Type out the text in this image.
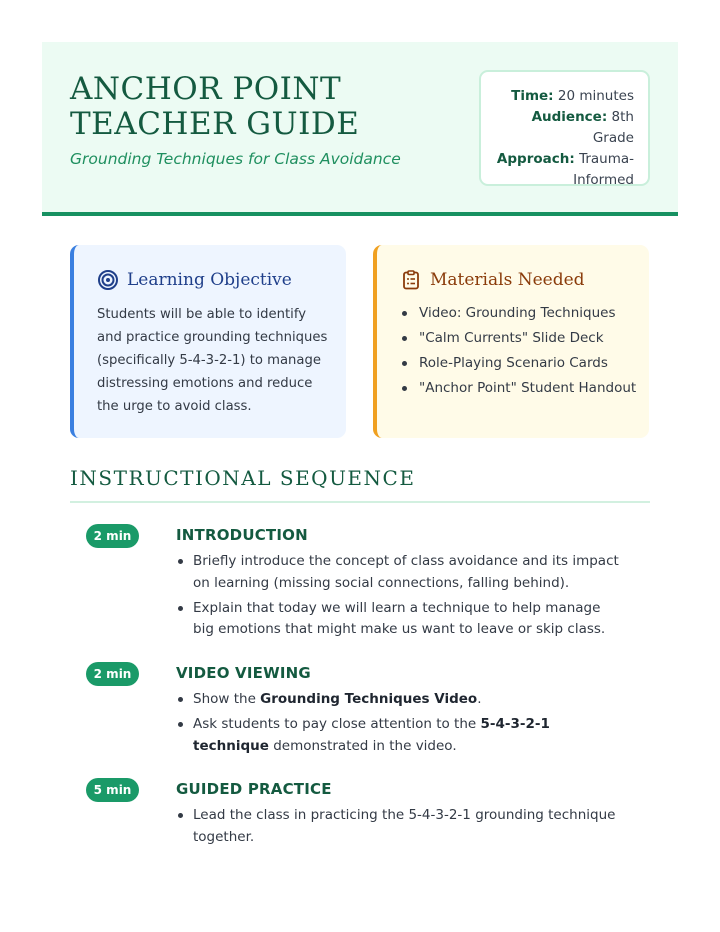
ANCHOR POINT
TEACHER GUIDE
Grounding Techniques for Class Avoidance
Time: 20 minutes
Audience: 8th Grade
Approach: Trauma-
Informed
Learning Objective

Students will be able to identify and practice grounding techniques (specifically 5-4-3-2-1) to manage distressing emotions and reduce the urge to avoid class.

Materials Needed
Video: Grounding Techniques
"Calm Currents" Slide Deck
Role-Playing Scenario Cards
"Anchor Point" Student Handout
INSTRUCTIONAL SEQUENCE
2 min	INTRODUCTION
Briefly introduce the concept of class avoidance and its impact on learning (missing social connections, falling behind).
Explain that today we will learn a technique to help manage big emotions that might make us want to leave or skip class.
2 min	VIDEO VIEWING
Show the Grounding Techniques Video.
Ask students to pay close attention to the 5-4-3-2-1 technique demonstrated in the video.
5 min	GUIDED PRACTICE
Lead the class in practicing the 5-4-3-2-1 grounding technique together.
